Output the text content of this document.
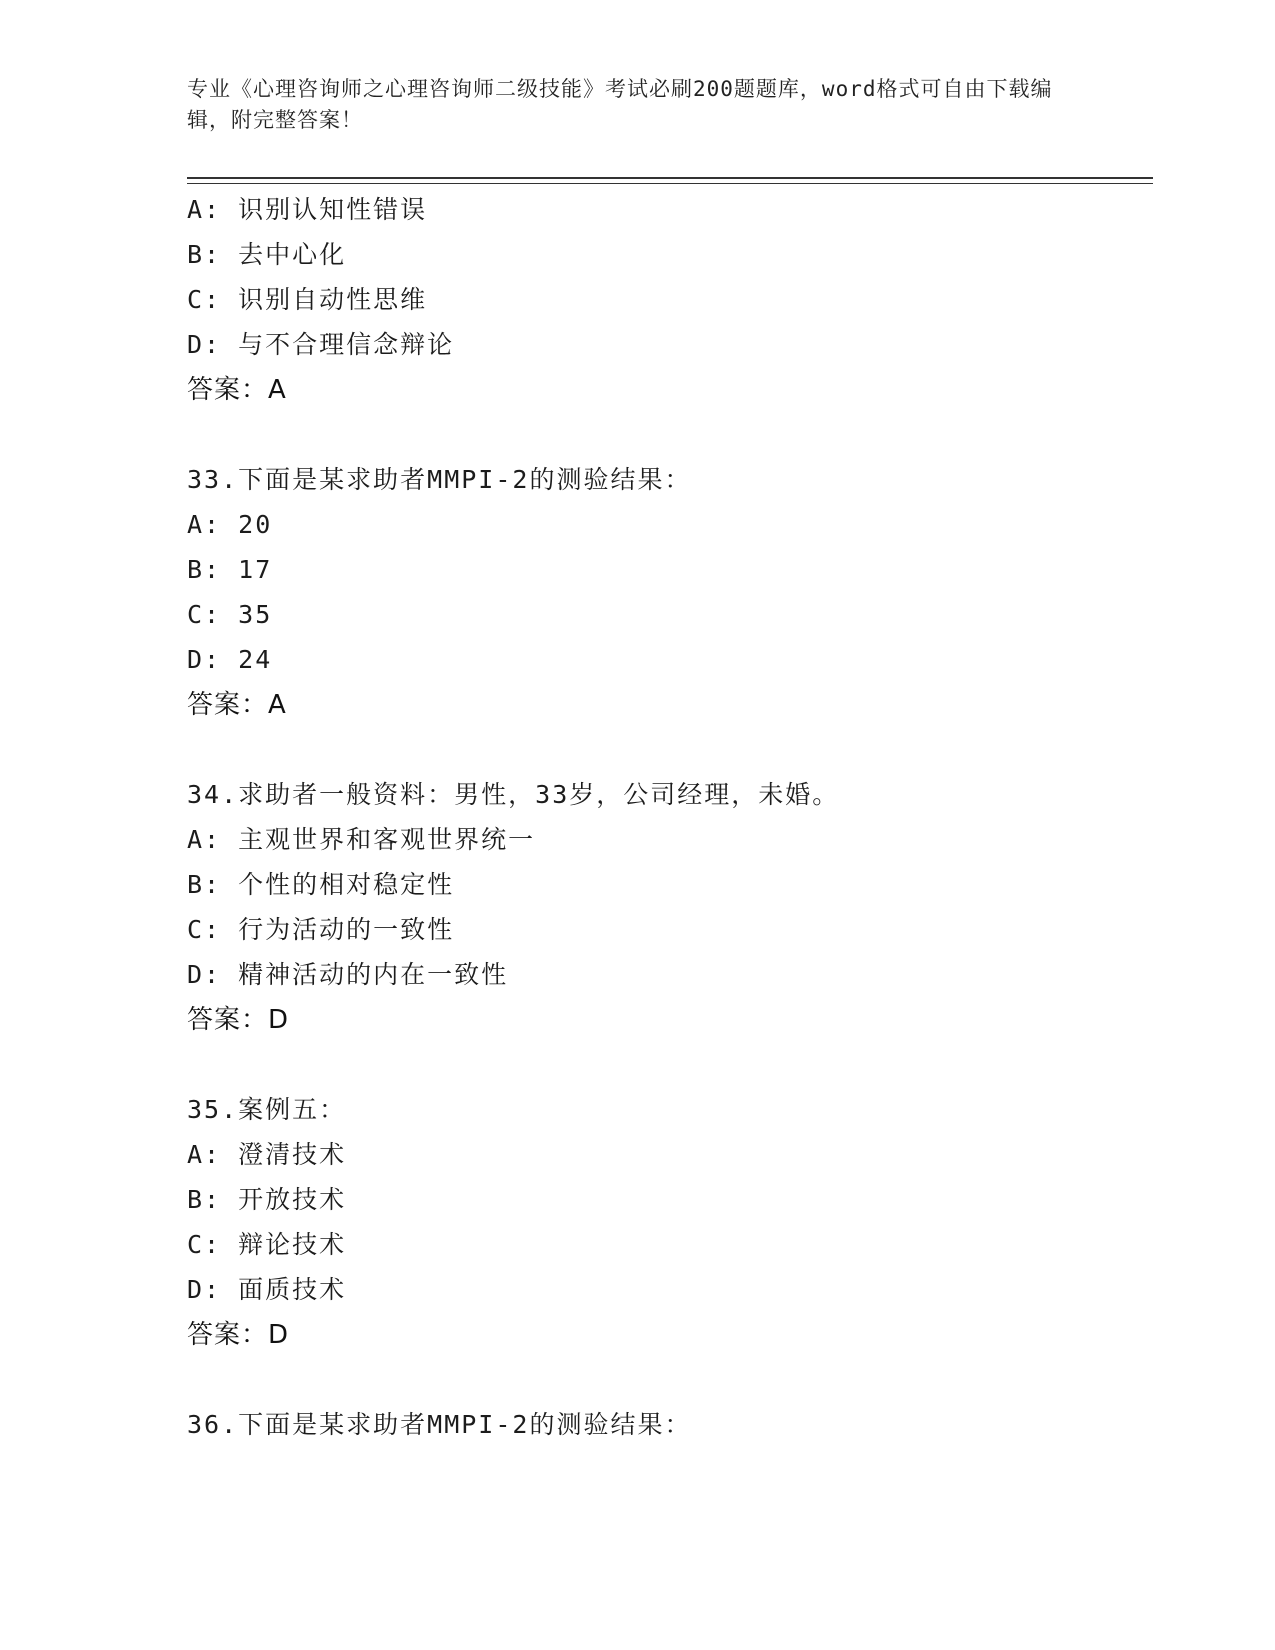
专业《心理咨询师之心理咨询师二级技能》考试必刷200题题库，word格式可自由下载编辑，附完整答案！
A: 识别认知性错误
B: 去中心化
C: 识别自动性思维
D: 与不合理信念辩论
答案：A
33.下面是某求助者MMPI-2的测验结果：
A: 20
B: 17
C: 35
D: 24
答案：A
34.求助者一般资料：男性，33岁，公司经理，未婚。
A: 主观世界和客观世界统一
B: 个性的相对稳定性
C: 行为活动的一致性
D: 精神活动的内在一致性
答案：D
35.案例五：
A: 澄清技术
B: 开放技术
C: 辩论技术
D: 面质技术
答案：D
36.下面是某求助者MMPI-2的测验结果：
